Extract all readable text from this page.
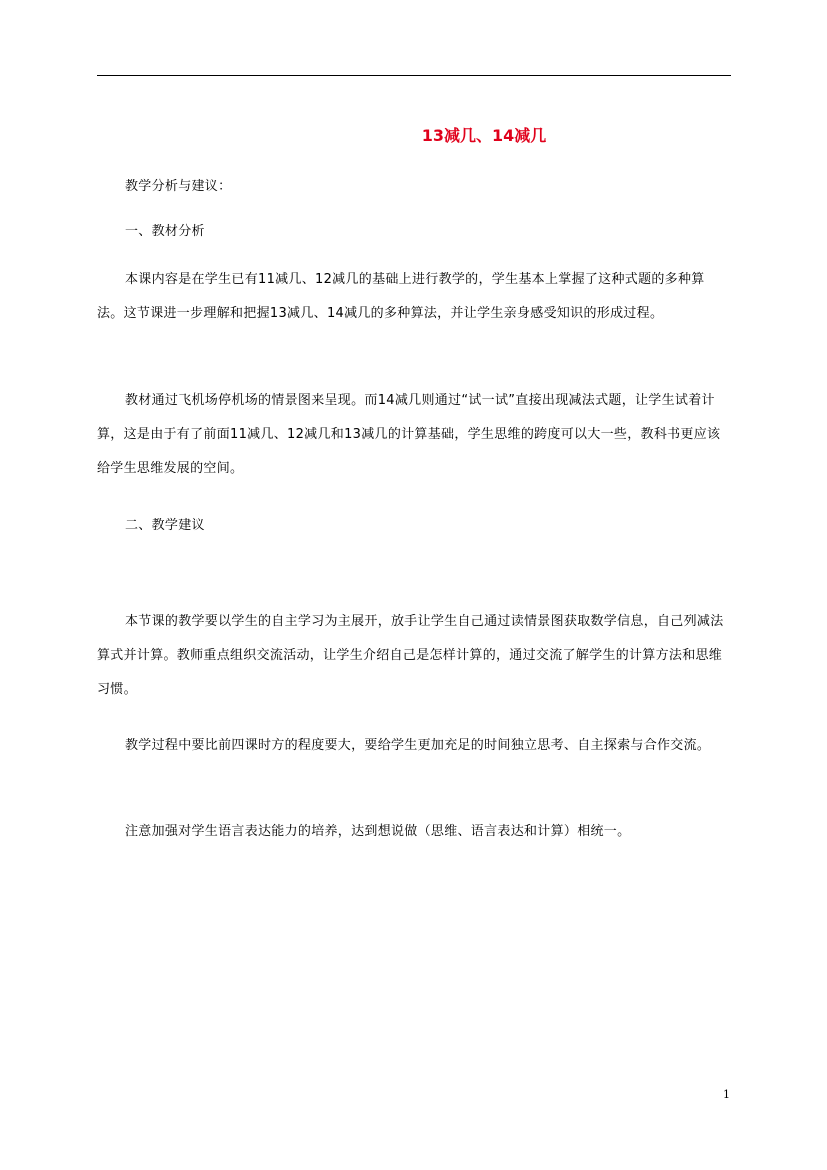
13减几、14减几

教学分析与建议：

一、教材分析

本课内容是在学生已有11减几、12减几的基础上进行教学的，学生基本上掌握了这种式题的多种算法。这节课进一步理解和把握13减几、14减几的多种算法，并让学生亲身感受知识的形成过程。

教材通过飞机场停机场的情景图来呈现。而14减几则通过“试一试”直接出现减法式题，让学生试着计算，这是由于有了前面11减几、12减几和13减几的计算基础，学生思维的跨度可以大一些，教科书更应该给学生思维发展的空间。

二、教学建议

本节课的教学要以学生的自主学习为主展开，放手让学生自己通过读情景图获取数学信息，自己列减法算式并计算。教师重点组织交流活动，让学生介绍自己是怎样计算的，通过交流了解学生的计算方法和思维习惯。

教学过程中要比前四课时方的程度要大，要给学生更加充足的时间独立思考、自主探索与合作交流。

注意加强对学生语言表达能力的培养，达到想说做（思维、语言表达和计算）相统一。

1
